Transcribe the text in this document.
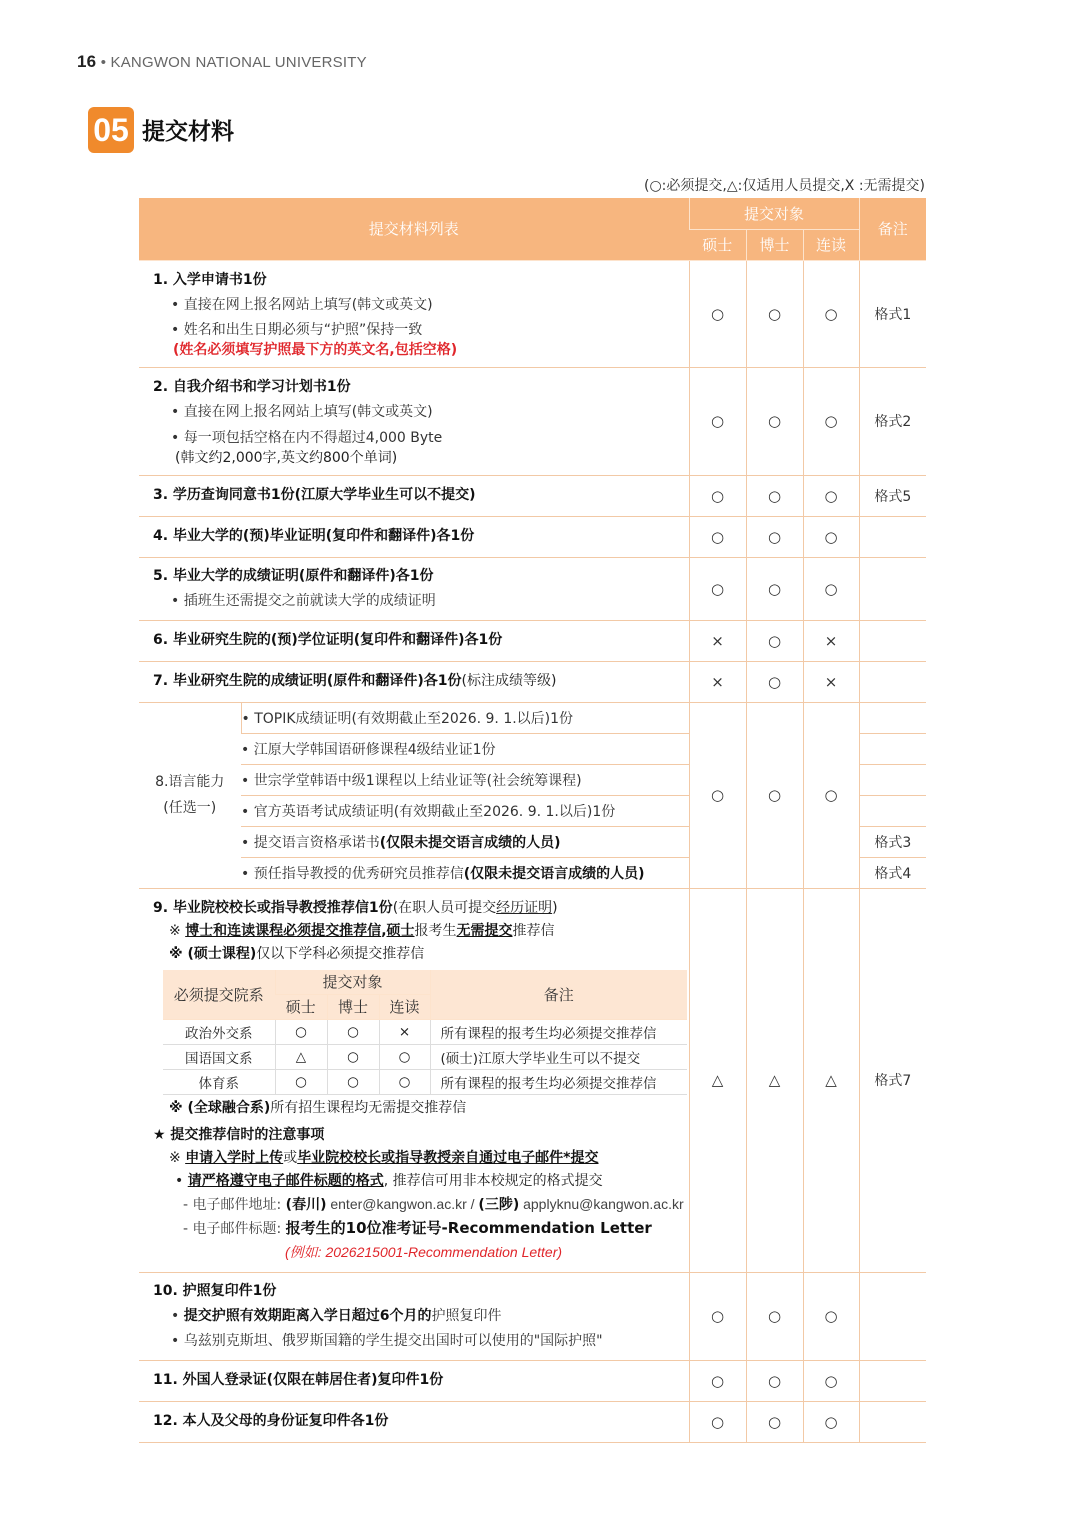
16 • KANGWON NATIONAL UNIVERSITY
05 提交材料
(○:必须提交,△:仅适用人员提交,X :无需提交)
提交材料列表	提交对象	备注
硕士	博士	连读

1. 入学申请书1份
• 直接在网上报名网站上填写(韩文或英文)
• 姓名和出生日期必须与“护照”保持一致
(姓名必须填写护照最下方的英文名,包括空格)
	○	○	○	格式1

2. 自我介绍书和学习计划书1份
• 直接在网上报名网站上填写(韩文或英文)
• 每一项包括空格在内不得超过4,000 Byte
(韩文约2,000字,英文约800个单词)
	○	○	○	格式2

3. 学历查询同意书1份(江原大学毕业生可以不提交)	○	○	○	格式5

4. 毕业大学的(预)毕业证明(复印件和翻译件)各1份	○	○	○	

5. 毕业大学的成绩证明(原件和翻译件)各1份
• 插班生还需提交之前就读大学的成绩证明
	○	○	○	

6. 毕业研究生院的(预)学位证明(复印件和翻译件)各1份	×	○	×	

7. 毕业研究生院的成绩证明(原件和翻译件)各1份(标注成绩等级)	×	○	×	

8.语言能力
(任选一)
	• TOPIK成绩证明(有效期截止至2026. 9. 1.以后)1份	○	○	○	
• 江原大学韩国语研修课程4级结业证1份	
• 世宗学堂韩语中级1课程以上结业证等(社会统筹课程)	
• 官方英语考试成绩证明(有效期截止至2026. 9. 1.以后)1份	
• 提交语言资格承诺书(仅限未提交语言成绩的人员)	格式3
• 预任指导教授的优秀研究员推荐信(仅限未提交语言成绩的人员)	格式4

9. 毕业院校校长或指导教授推荐信1份(在职人员可提交经历证明)
※ 博士和连读课程必须提交推荐信,硕士报考生无需提交推荐信
※ (硕士课程)仅以下学科必须提交推荐信
必须提交院系	提交对象	备注
硕士	博士	连读
政治外交系	○	○	×	所有课程的报考生均必须提交推荐信
国语国文系	△	○	○	(硕士)江原大学毕业生可以不提交
体育系	○	○	○	所有课程的报考生均必须提交推荐信
※ (全球融合系)所有招生课程均无需提交推荐信
★ 提交推荐信时的注意事项
※ 申请入学时上传或毕业院校校长或指导教授亲自通过电子邮件*提交
• 请严格遵守电子邮件标题的格式, 推荐信可用非本校规定的格式提交
- 电子邮件地址: (春川) enter@kangwon.ac.kr / (三陟) applyknu@kangwon.ac.kr
- 电子邮件标题: 报考生的10位准考证号-Recommendation Letter
(例如: 2026215001-Recommendation Letter)
	△	△	△	格式7

10. 护照复印件1份
• 提交护照有效期距离入学日超过6个月的护照复印件
• 乌兹别克斯坦、俄罗斯国籍的学生提交出国时可以使用的"国际护照"
	○	○	○	

11. 外国人登录证(仅限在韩居住者)复印件1份	○	○	○	

12. 本人及父母的身份证复印件各1份	○	○	○	
